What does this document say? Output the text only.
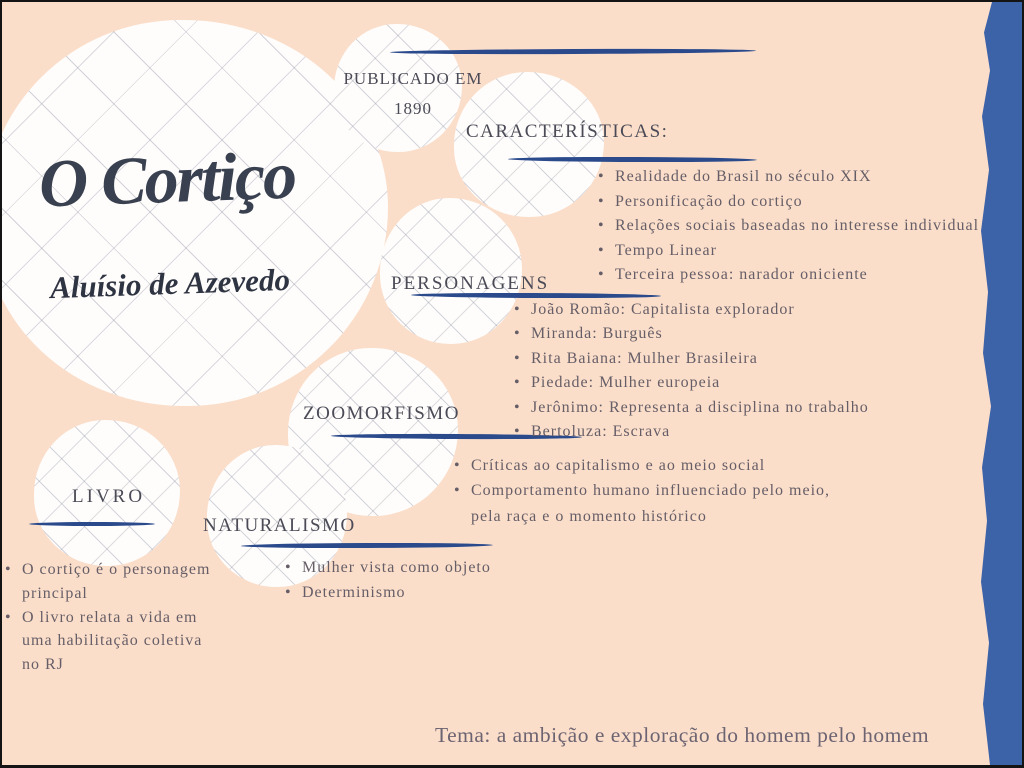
O Cortiço
Aluísio de Azevedo
PUBLICADO EM
1890
CARACTERÍSTICAS:
• Realidade do Brasil no século XIX
• Personificação do cortiço
• Relações sociais baseadas no interesse individual
• Tempo Linear
• Terceira pessoa: narador oniciente
PERSONAGENS
• João Romão: Capitalista explorador
• Miranda: Burguês
• Rita Baiana: Mulher Brasileira
• Piedade: Mulher europeia
• Jerônimo: Representa a disciplina no trabalho
• Bertoluza: Escrava
ZOOMORFISMO
• Críticas ao capitalismo e ao meio social
• Comportamento humano influenciado pelo meio,
pela raça e o momento histórico
LIVRO
• O cortiço é o personagem
principal
• O livro relata a vida em
uma habilitação coletiva
no RJ
NATURALISMO
• Mulher vista como objeto
• Determinismo
Tema: a ambição e exploração do homem pelo homem
